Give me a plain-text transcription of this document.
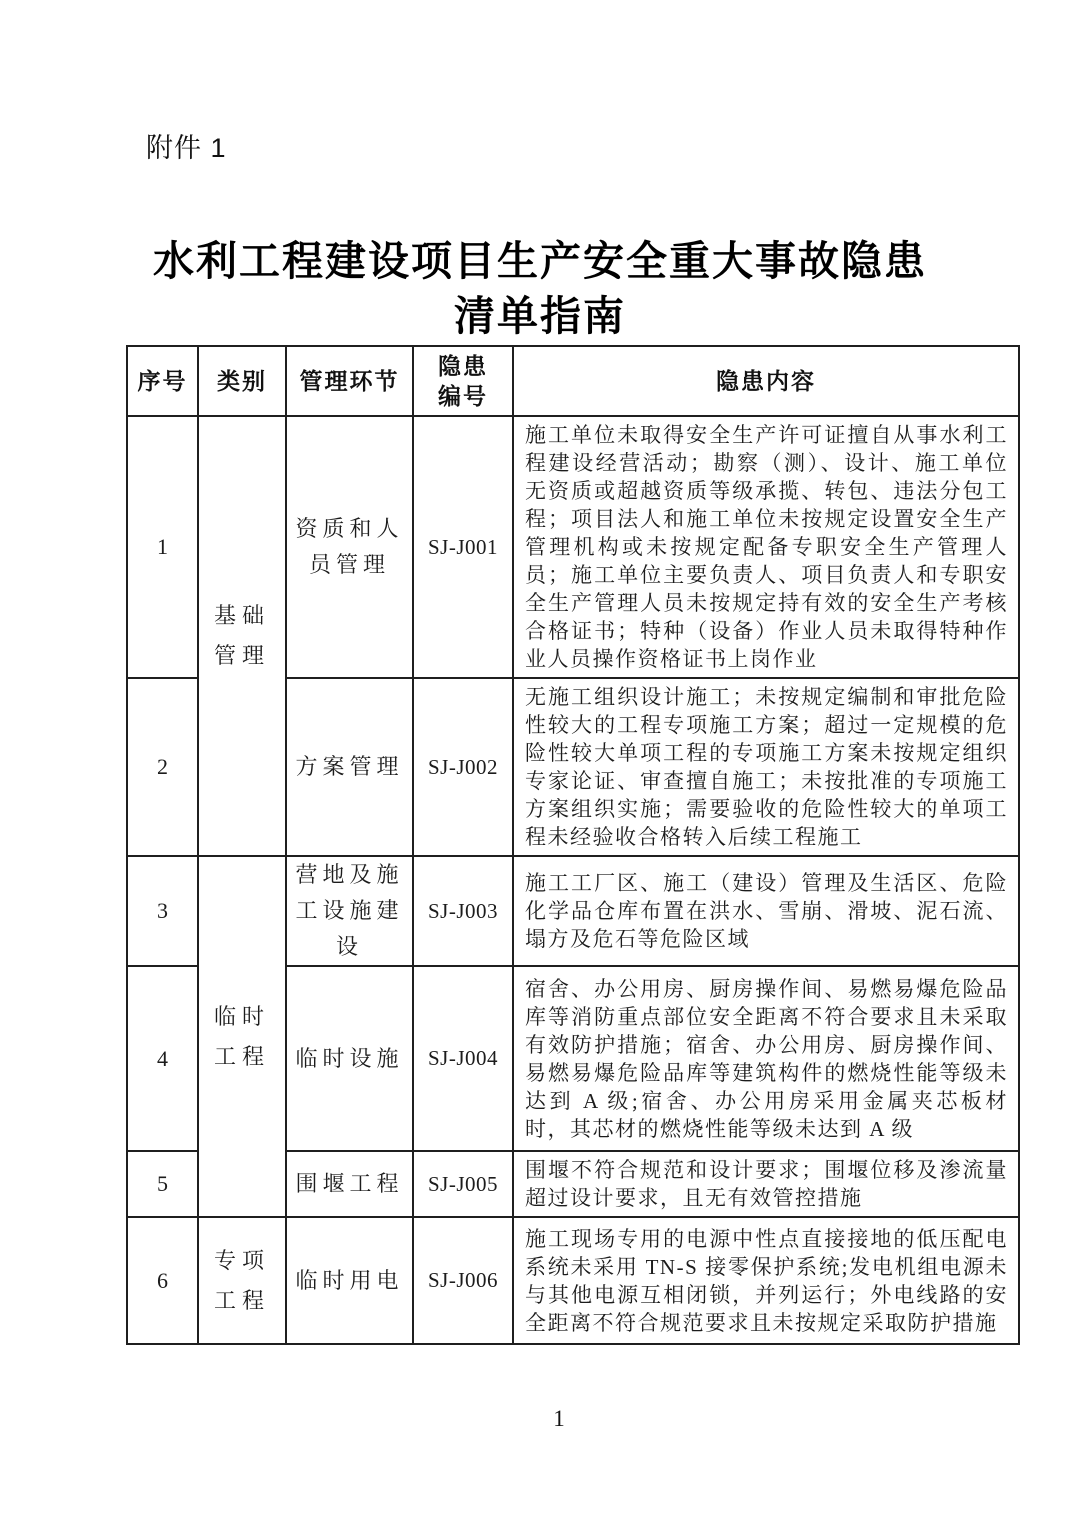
附件 1
水利工程建设项目生产安全重大事故隐患
清单指南
序号	类别	管理环节	隐患编号	隐患内容
1	基础管理	资质和人员管理	SJ-J001	施工单位未取得安全生产许可证擅自从事水利工程建设经营活动；勘察（测）、设计、施工单位无资质或超越资质等级承揽、转包、违法分包工程；项目法人和施工单位未按规定设置安全生产管理机构或未按规定配备专职安全生产管理人员；施工单位主要负责人、项目负责人和专职安全生产管理人员未按规定持有效的安全生产考核合格证书；特种（设备）作业人员未取得特种作业人员操作资格证书上岗作业
2		方案管理	SJ-J002	无施工组织设计施工；未按规定编制和审批危险性较大的工程专项施工方案；超过一定规模的危险性较大单项工程的专项施工方案未按规定组织专家论证、审查擅自施工；未按批准的专项施工方案组织实施；需要验收的危险性较大的单项工程未经验收合格转入后续工程施工
3	临时工程	营地及施工设施建设	SJ-J003	施工工厂区、施工（建设）管理及生活区、危险化学品仓库布置在洪水、雪崩、滑坡、泥石流、塌方及危石等危险区域
4		临时设施	SJ-J004	宿舍、办公用房、厨房操作间、易燃易爆危险品库等消防重点部位安全距离不符合要求且未采取有效防护措施；宿舍、办公用房、厨房操作间、易燃易爆危险品库等建筑构件的燃烧性能等级未达到 A 级;宿舍、办公用房采用金属夹芯板材时，其芯材的燃烧性能等级未达到 A 级
5		围堰工程	SJ-J005	围堰不符合规范和设计要求；围堰位移及渗流量超过设计要求，且无有效管控措施
6	专项工程	临时用电	SJ-J006	施工现场专用的电源中性点直接接地的低压配电系统未采用 TN-S 接零保护系统;发电机组电源未与其他电源互相闭锁，并列运行；外电线路的安全距离不符合规范要求且未按规定采取防护措施
1
